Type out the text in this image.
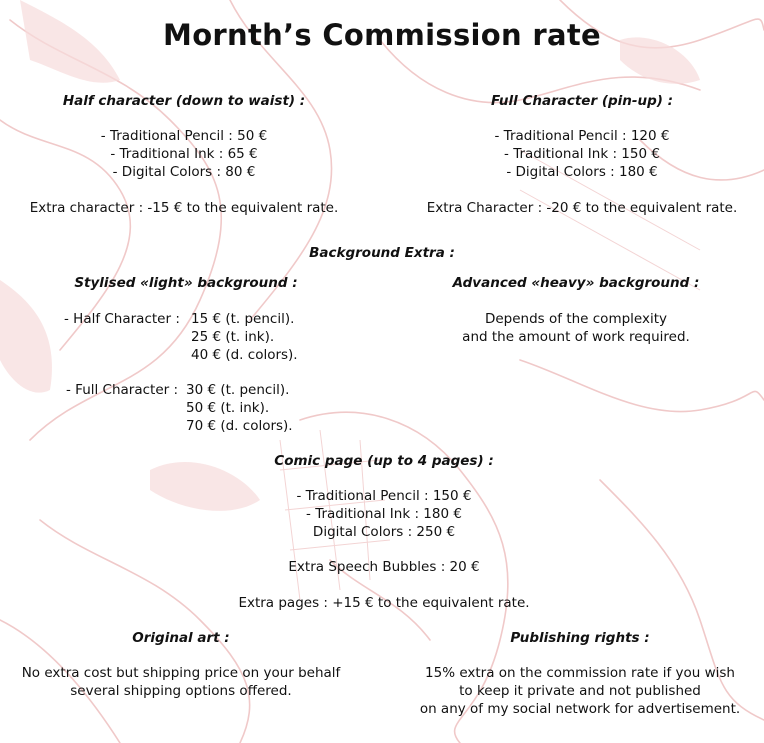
Mornth’s Commission rate
Half character (down to waist) :
- Traditional Pencil : 50 €
- Traditional Ink : 65 €
- Digital Colors : 80 €
Extra character : -15 € to the equivalent rate.
Full Character (pin-up) :
- Traditional Pencil : 120 €
- Traditional Ink : 150 €
- Digital Colors : 180 €
Extra Character : -20 € to the equivalent rate.
Background Extra :
Stylised «light» background :
- Half Character : 15 € (t. pencil).
25 € (t. ink).
40 € (d. colors).
- Full Character : 30 € (t. pencil).
50 € (t. ink).
70 € (d. colors).
Advanced «heavy» background :
Depends of the complexity
and the amount of work required.
Comic page (up to 4 pages) :
- Traditional Pencil : 150 €
- Traditional Ink : 180 €
Digital Colors : 250 €
Extra Speech Bubbles : 20 €
Extra pages : +15 € to the equivalent rate.
Original art :
No extra cost but shipping price on your behalf
several shipping options offered.
Publishing rights :
15% extra on the commission rate if you wish
to keep it private and not published
on any of my social network for advertisement.
